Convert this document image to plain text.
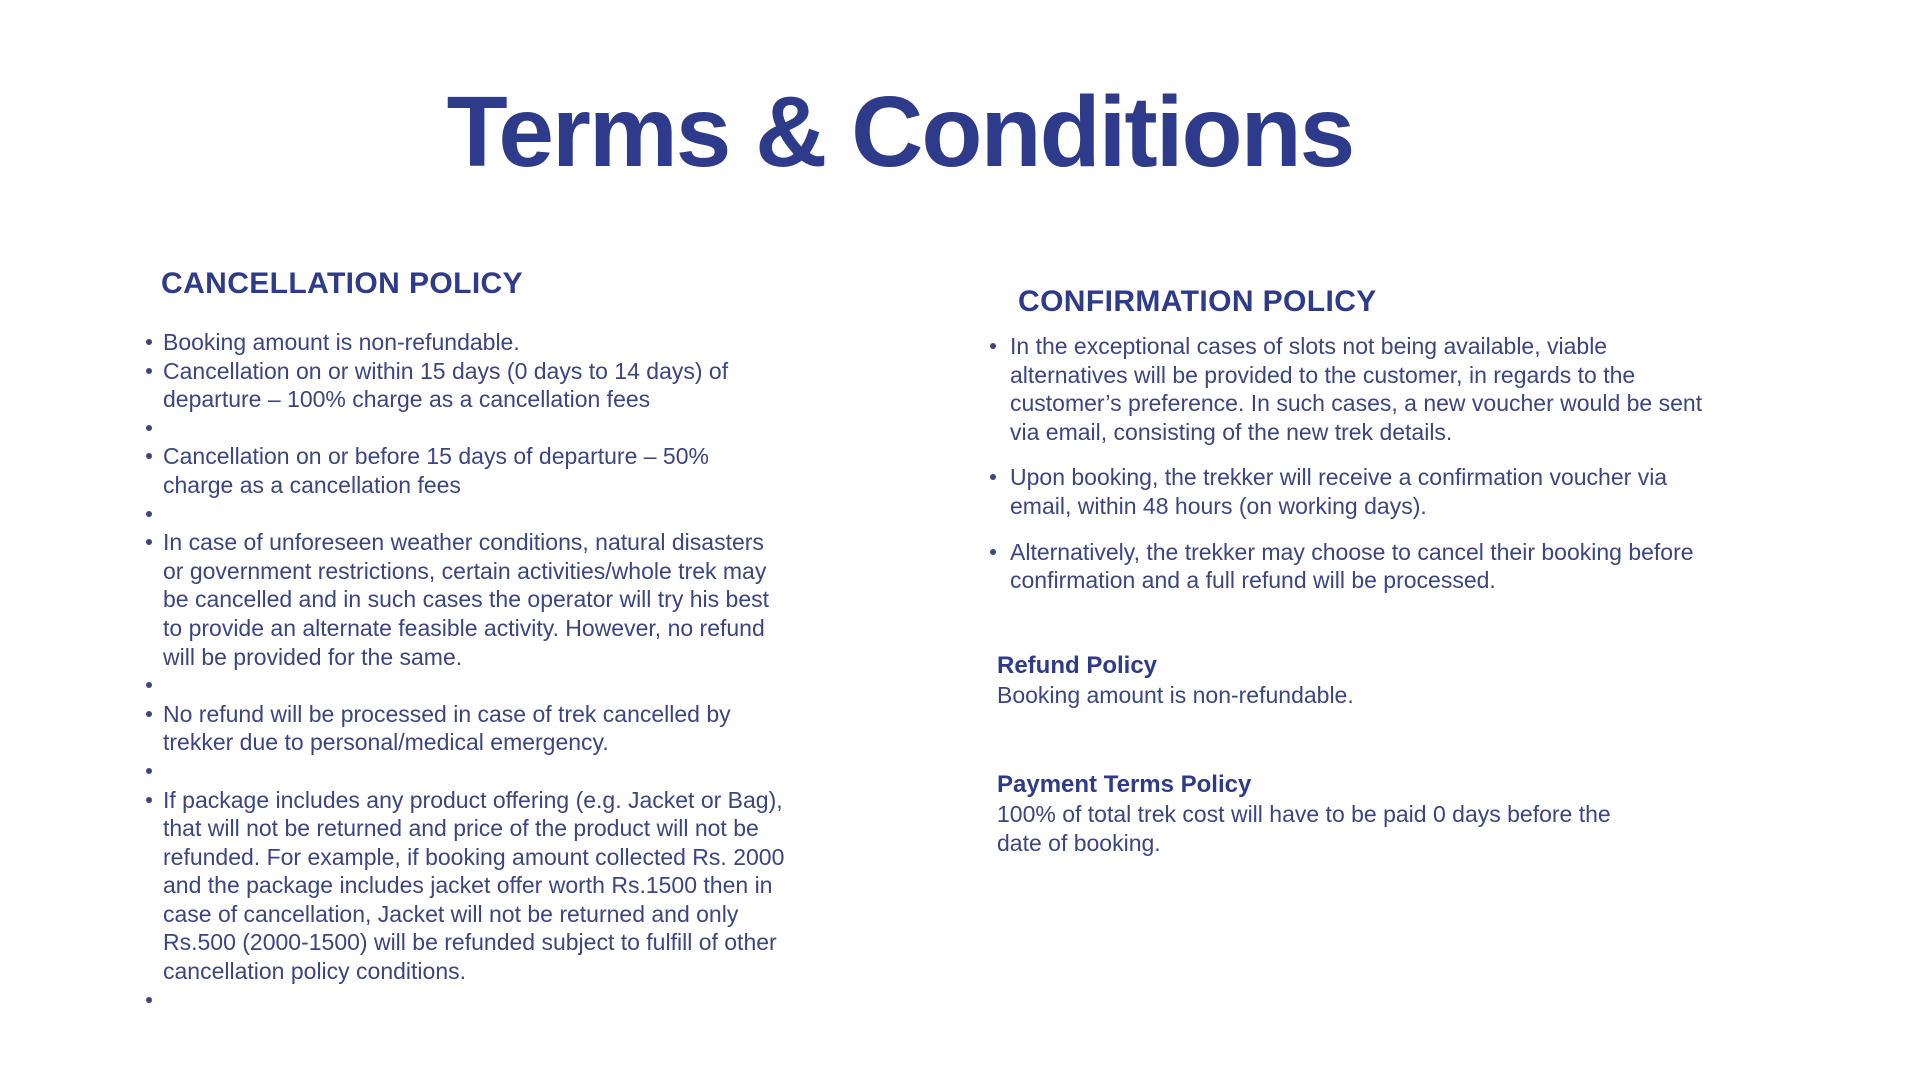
Terms & Conditions
CANCELLATION POLICY
Booking amount is non-refundable.
Cancellation on or within 15 days (0 days to 14 days) of departure – 100% charge as a cancellation fees
Cancellation on or before 15 days of departure – 50% charge as a cancellation fees
In case of unforeseen weather conditions, natural disasters or government restrictions, certain activities/whole trek may be cancelled and in such cases the operator will try his best to provide an alternate feasible activity. However, no refund will be provided for the same.
No refund will be processed in case of trek cancelled by trekker due to personal/medical emergency.
If package includes any product offering (e.g. Jacket or Bag), that will not be returned and price of the product will not be refunded. For example, if booking amount collected Rs. 2000 and the package includes jacket offer worth Rs.1500 then in case of cancellation, Jacket will not be returned and only Rs.500 (2000-1500) will be refunded subject to fulfill of other cancellation policy conditions.
CONFIRMATION POLICY
In the exceptional cases of slots not being available, viable alternatives will be provided to the customer, in regards to the customer’s preference. In such cases, a new voucher would be sent via email, consisting of the new trek details.
Upon booking, the trekker will receive a confirmation voucher via email, within 48 hours (on working days).
Alternatively, the trekker may choose to cancel their booking before confirmation and a full refund will be processed.
Refund Policy

Booking amount is non-refundable.

Payment Terms Policy

100% of total trek cost will have to be paid 0 days before the date of booking.
